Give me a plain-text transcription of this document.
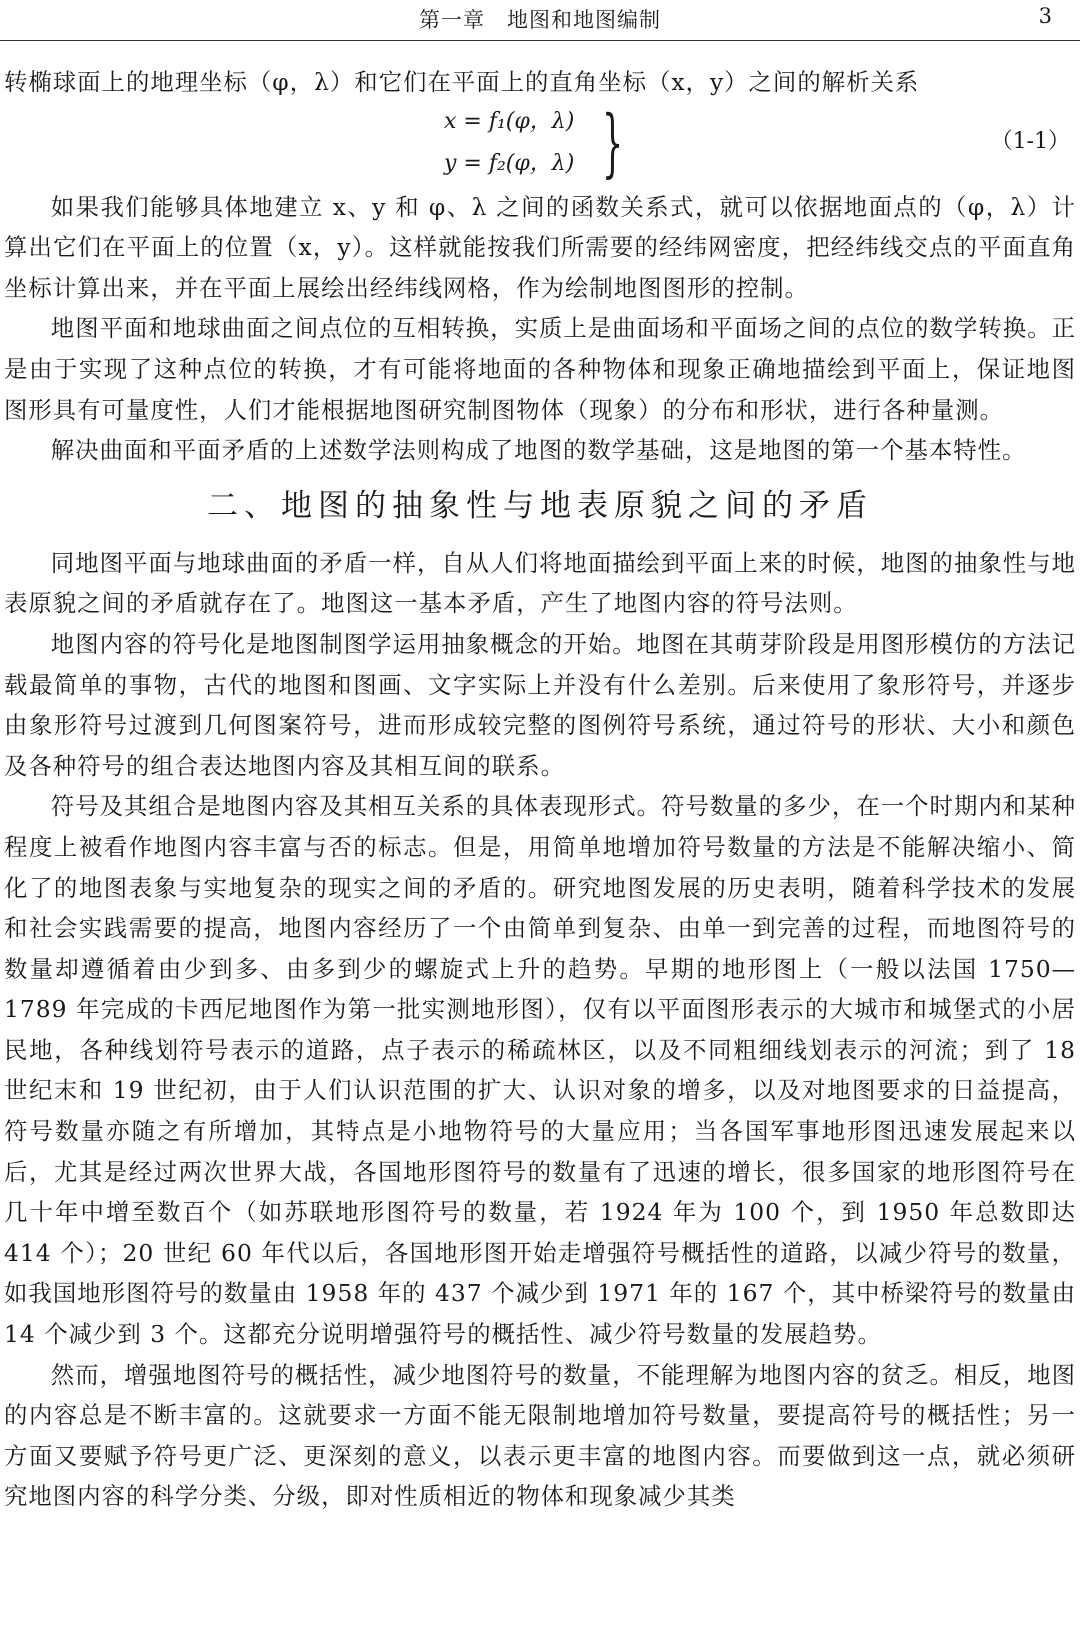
第一章　地图和地图编制	3

转椭球面上的地理坐标（φ，λ）和它们在平面上的直角坐标（x，y）之间的解析关系

x = f₁(φ，λ)
y = f₂(φ，λ) }	（1-1）

如果我们能够具体地建立 x、y 和 φ、λ 之间的函数关系式，就可以依据地面点的（φ，λ）计算出它们在平面上的位置（x，y）。这样就能按我们所需要的经纬网密度，把经纬线交点的平面直角坐标计算出来，并在平面上展绘出经纬线网格，作为绘制地图图形的控制。

地图平面和地球曲面之间点位的互相转换，实质上是曲面场和平面场之间的点位的数学转换。正是由于实现了这种点位的转换，才有可能将地面的各种物体和现象正确地描绘到平面上，保证地图图形具有可量度性，人们才能根据地图研究制图物体（现象）的分布和形状，进行各种量测。

解决曲面和平面矛盾的上述数学法则构成了地图的数学基础，这是地图的第一个基本特性。

二、地图的抽象性与地表原貌之间的矛盾

同地图平面与地球曲面的矛盾一样，自从人们将地面描绘到平面上来的时候，地图的抽象性与地表原貌之间的矛盾就存在了。地图这一基本矛盾，产生了地图内容的符号法则。

地图内容的符号化是地图制图学运用抽象概念的开始。地图在其萌芽阶段是用图形模仿的方法记载最简单的事物，古代的地图和图画、文字实际上并没有什么差别。后来使用了象形符号，并逐步由象形符号过渡到几何图案符号，进而形成较完整的图例符号系统，通过符号的形状、大小和颜色及各种符号的组合表达地图内容及其相互间的联系。

符号及其组合是地图内容及其相互关系的具体表现形式。符号数量的多少，在一个时期内和某种程度上被看作地图内容丰富与否的标志。但是，用简单地增加符号数量的方法是不能解决缩小、简化了的地图表象与实地复杂的现实之间的矛盾的。研究地图发展的历史表明，随着科学技术的发展和社会实践需要的提高，地图内容经历了一个由简单到复杂、由单一到完善的过程，而地图符号的数量却遵循着由少到多、由多到少的螺旋式上升的趋势。早期的地形图上（一般以法国 1750—1789 年完成的卡西尼地图作为第一批实测地形图），仅有以平面图形表示的大城市和城堡式的小居民地，各种线划符号表示的道路，点子表示的稀疏林区，以及不同粗细线划表示的河流；到了 18 世纪末和 19 世纪初，由于人们认识范围的扩大、认识对象的增多，以及对地图要求的日益提高，符号数量亦随之有所增加，其特点是小地物符号的大量应用；当各国军事地形图迅速发展起来以后，尤其是经过两次世界大战，各国地形图符号的数量有了迅速的增长，很多国家的地形图符号在几十年中增至数百个（如苏联地形图符号的数量，若 1924 年为 100 个，到 1950 年总数即达 414 个）；20 世纪 60 年代以后，各国地形图开始走增强符号概括性的道路，以减少符号的数量，如我国地形图符号的数量由 1958 年的 437 个减少到 1971 年的 167 个，其中桥梁符号的数量由 14 个减少到 3 个。这都充分说明增强符号的概括性、减少符号数量的发展趋势。

然而，增强地图符号的概括性，减少地图符号的数量，不能理解为地图内容的贫乏。相反，地图的内容总是不断丰富的。这就要求一方面不能无限制地增加符号数量，要提高符号的概括性；另一方面又要赋予符号更广泛、更深刻的意义，以表示更丰富的地图内容。而要做到这一点，就必须研究地图内容的科学分类、分级，即对性质相近的物体和现象减少其类
